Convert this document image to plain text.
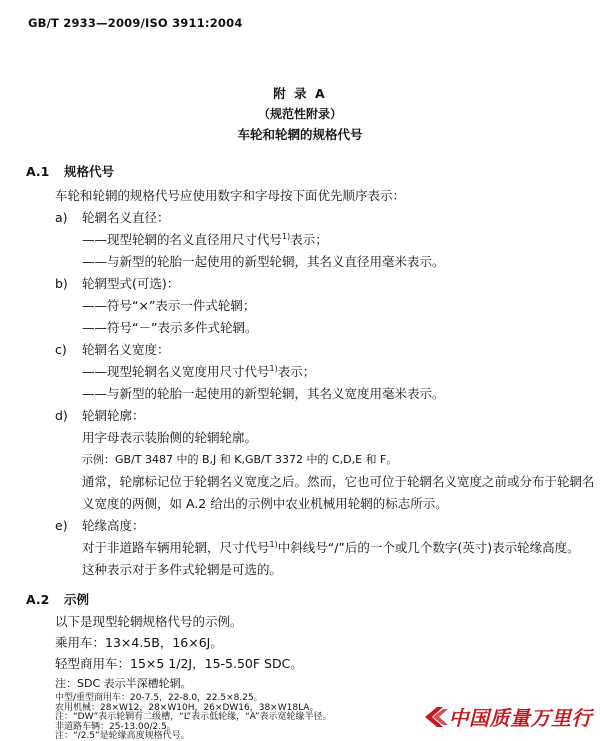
GB/T 2933—2009/ISO 3911:2004
附 录 A
（规范性附录）
车轮和轮辋的规格代号
A.1 规格代号
车轮和轮辋的规格代号应使用数字和字母按下面优先顺序表示：
a) 轮辋名义直径：
——现型轮辋的名义直径用尺寸代号$^{1)}$表示；
——与新型的轮胎一起使用的新型轮辋，其名义直径用毫米表示。
b) 轮辋型式(可选)：
——符号“×”表示一件式轮辋；
——符号“－”表示多件式轮辋。
c) 轮辋名义宽度：
——现型轮辋名义宽度用尺寸代号$^{1)}$表示；
——与新型的轮胎一起使用的新型轮辋，其名义宽度用毫米表示。
d) 轮辋轮廓：
用字母表示装胎侧的轮辋轮廓。
示例：GB/T 3487 中的 B,J 和 K,GB/T 3372 中的 C,D,E 和 F。
通常，轮廓标记位于轮辋名义宽度之后。然而，它也可位于轮辋名义宽度之前或分布于轮辋名
义宽度的两侧，如 A.2 给出的示例中农业机械用轮辋的标志所示。
e) 轮缘高度：
对于非道路车辆用轮辋，尺寸代号$^{1)}$中斜线号“/”后的一个或几个数字(英寸)表示轮缘高度。
这种表示对于多件式轮辋是可选的。
A.2 示例
以下是现型轮辋规格代号的示例。
乘用车：13×4.5B，16×6J。
轻型商用车：15×5 1/2J，15-5.50F SDC。
注：SDC 表示半深槽轮辋。
中型/重型商用车：20-7.5，22-8.0，22.5×8.25。
农用机械：28×W12，28×W10H，26×DW16，38×W18LA。
注：“DW”表示轮辋有二级槽，“L”表示低轮缘，“A”表示宽轮缘半径。
非道路车辆：25-13.00/2.5。
注：“/2.5”是轮缘高度规格代号。
中国质量万里行
